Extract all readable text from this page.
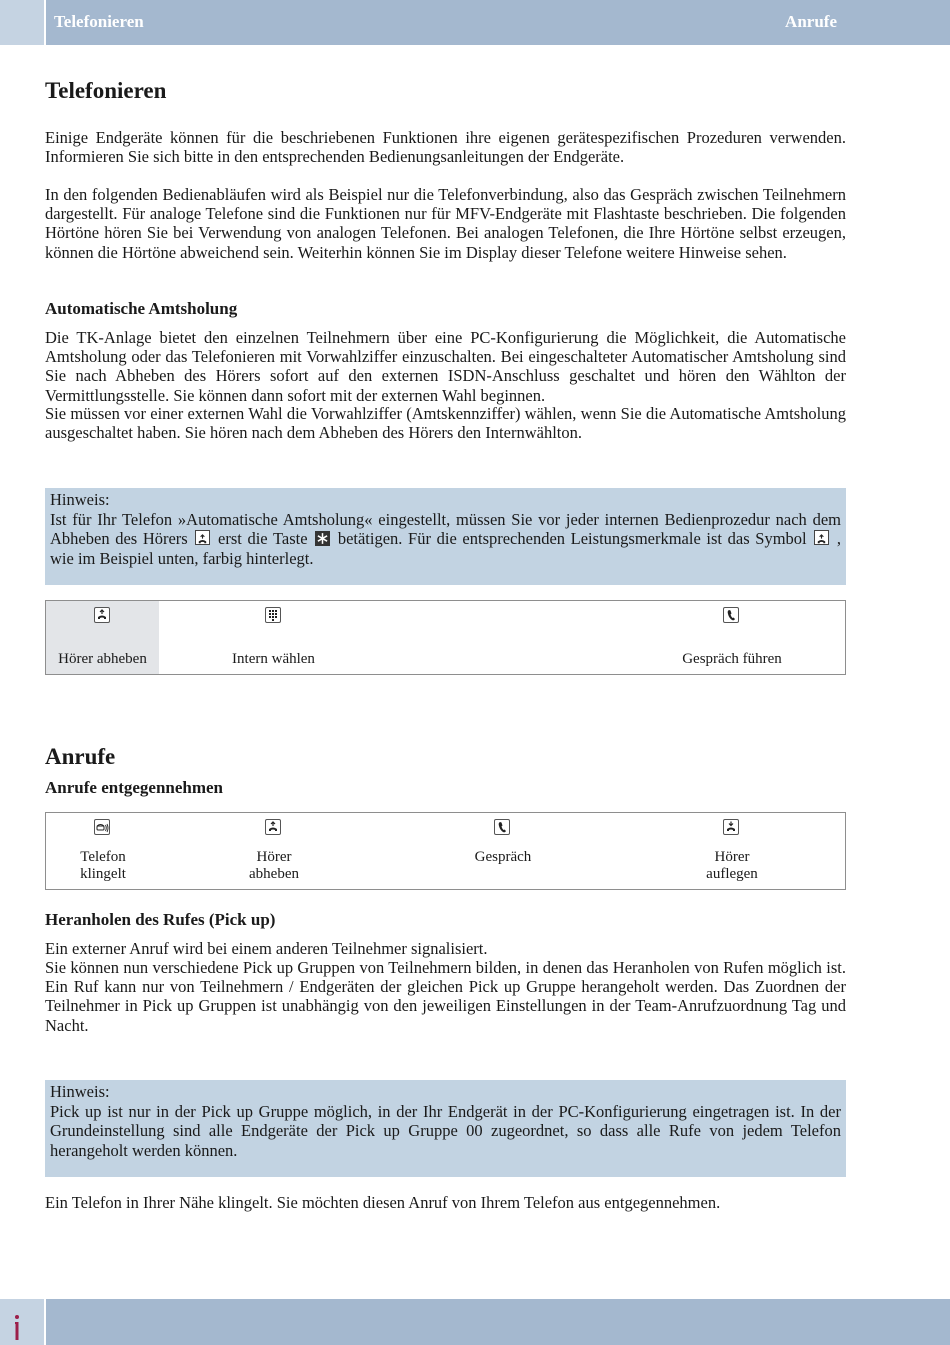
Telefonieren	Anrufe
Telefonieren

Einige Endgeräte können für die beschriebenen Funktionen ihre eigenen gerätespezifischen Prozeduren verwenden. Informieren Sie sich bitte in den entsprechenden Bedienungsanleitungen der Endgeräte.

In den folgenden Bedienabläufen wird als Beispiel nur die Telefonverbindung, also das Gespräch zwischen Teilnehmern dargestellt. Für analoge Telefone sind die Funktionen nur für MFV-Endgeräte mit Flashtaste beschrieben. Die folgenden Hörtöne hören Sie bei Verwendung von analogen Telefonen. Bei analogen Telefonen, die Ihre Hörtöne selbst erzeugen, können die Hörtöne abweichend sein. Weiterhin können Sie im Display dieser Telefone weitere Hinweise sehen.

Automatische Amtsholung

Die TK-Anlage bietet den einzelnen Teilnehmern über eine PC-Konfigurierung die Möglichkeit, die Automatische Amtsholung oder das Telefonieren mit Vorwahlziffer einzuschalten. Bei eingeschalteter Automatischer Amtsholung sind Sie nach Abheben des Hörers sofort auf den externen ISDN-Anschluss geschaltet und hören den Wählton der Vermittlungsstelle. Sie können dann sofort mit der externen Wahl beginnen.

Sie müssen vor einer externen Wahl die Vorwahlziffer (Amtskennziffer) wählen, wenn Sie die Automatische Amtsholung ausgeschaltet haben. Sie hören nach dem Abheben des Hörers den Internwählton.

Hinweis:

Ist für Ihr Telefon »Automatische Amtsholung« eingestellt, müssen Sie vor jeder internen Bedienprozedur nach dem Abheben des Hörers erst die Taste betätigen. Für die entsprechenden Leistungsmerkmale ist das Symbol , wie im Beispiel unten, farbig hinterlegt.

Hörer abheben	Intern wählen	Gespräch führen
Anrufe
Anrufe entgegennehmen
Telefon
klingelt
Hörer
abheben
Gespräch	Hörer
auflegen
Heranholen des Rufes (Pick up)

Ein externer Anruf wird bei einem anderen Teilnehmer signalisiert.

Sie können nun verschiedene Pick up Gruppen von Teilnehmern bilden, in denen das Heranholen von Rufen möglich ist. Ein Ruf kann nur von Teilnehmern / Endgeräten der gleichen Pick up Gruppe herangeholt werden. Das Zuordnen der Teilnehmer in Pick up Gruppen ist unabhängig von den jeweiligen Einstellungen in der Team-Anrufzuordnung Tag und Nacht.

Hinweis:

Pick up ist nur in der Pick up Gruppe möglich, in der Ihr Endgerät in der PC-Konfigurierung eingetragen ist. In der Grundeinstellung sind alle Endgeräte der Pick up Gruppe 00 zugeordnet, so dass alle Rufe von jedem Telefon herangeholt werden können.

Ein Telefon in Ihrer Nähe klingelt. Sie möchten diesen Anruf von Ihrem Telefon aus entgegennehmen.
